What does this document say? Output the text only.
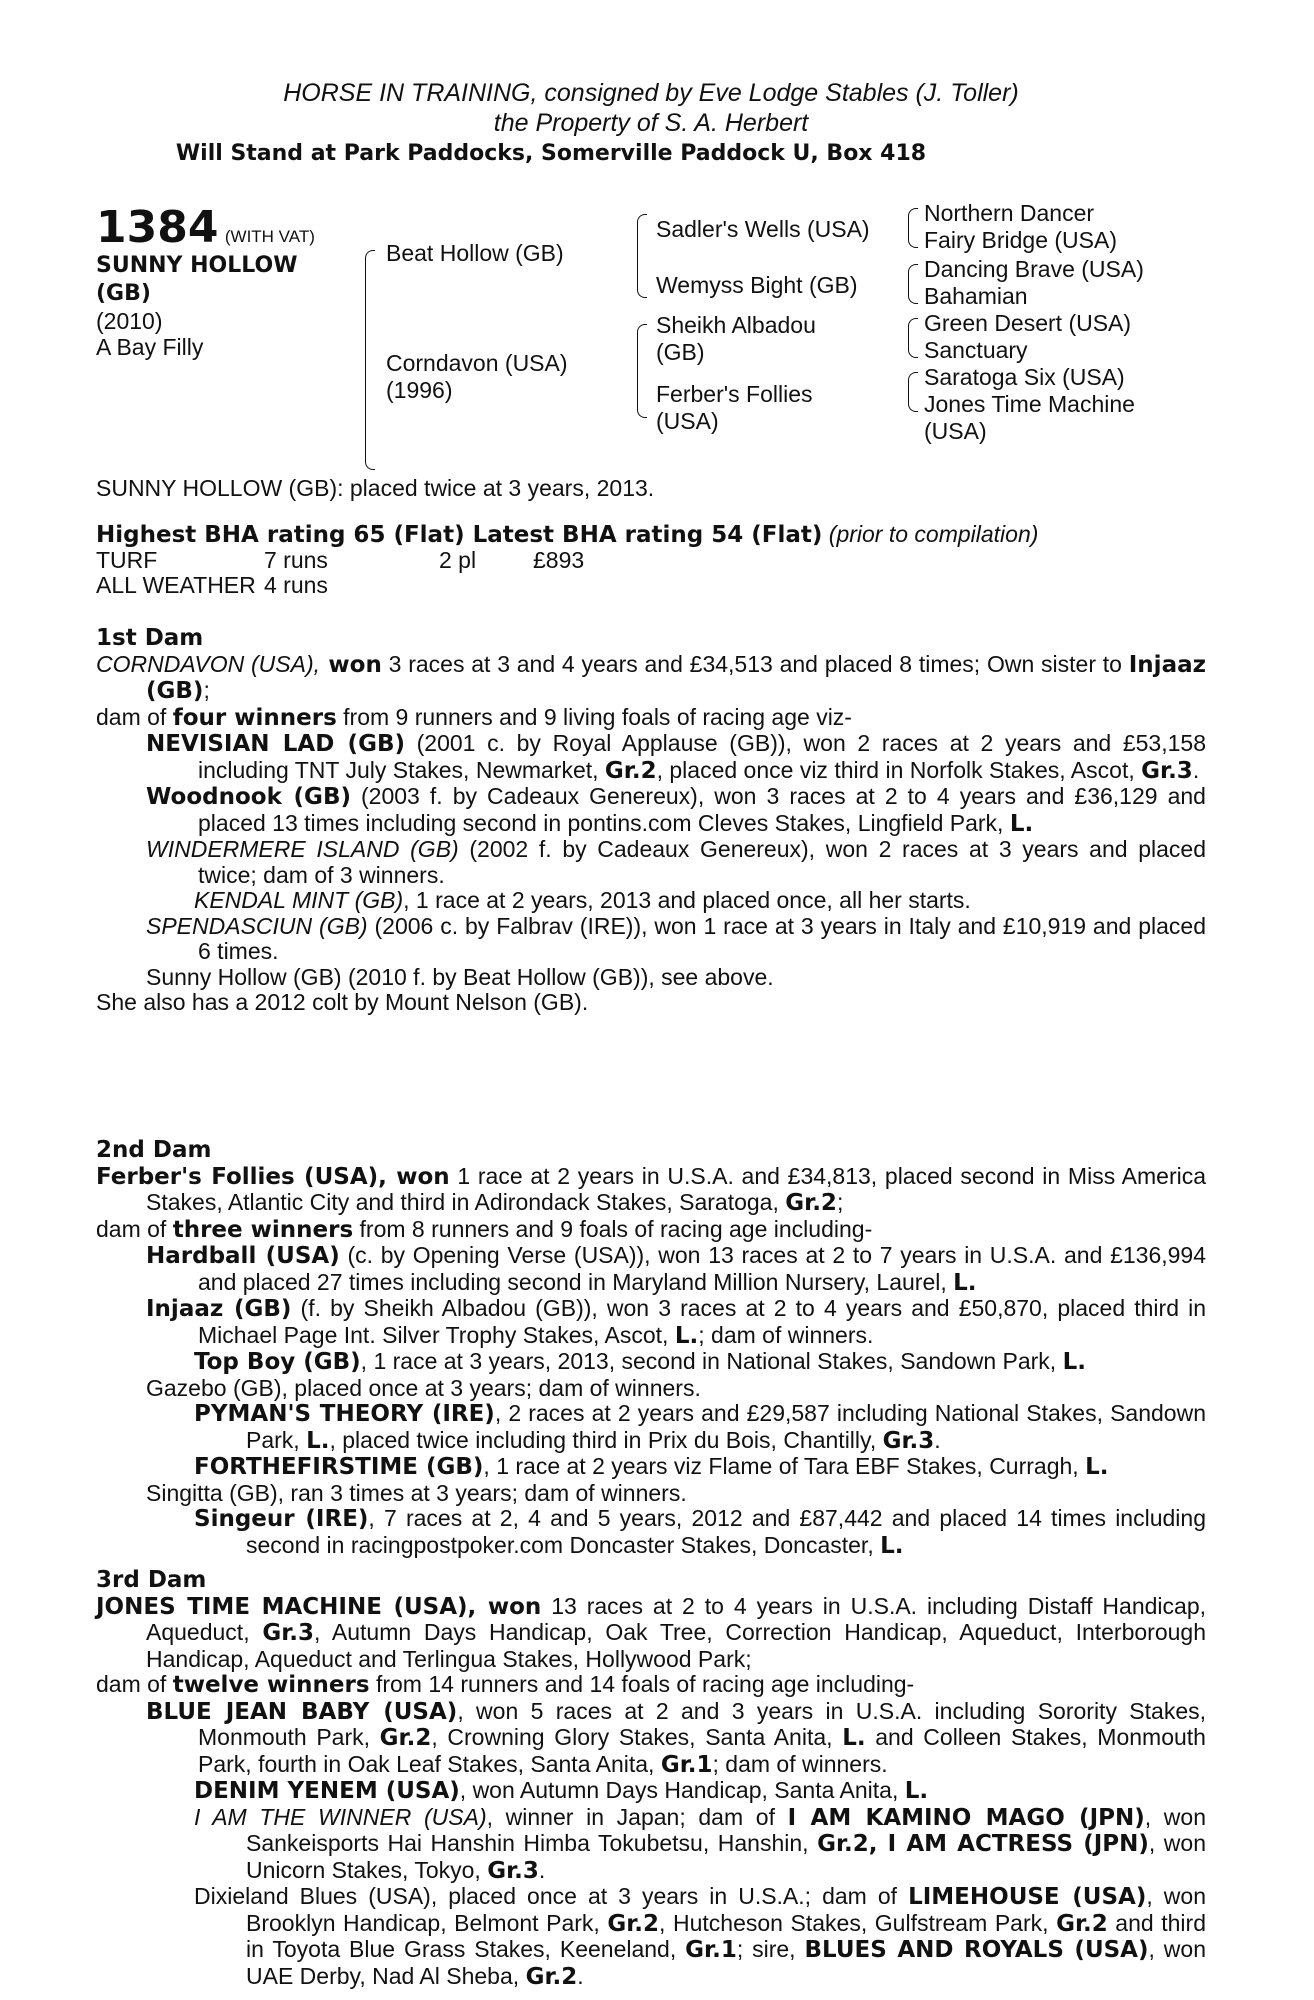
HORSE IN TRAINING, consigned by Eve Lodge Stables (J. Toller)
the Property of S. A. Herbert
Will Stand at Park Paddocks, Somerville Paddock U, Box 418
1384 (WITH VAT)
SUNNY HOLLOW
(GB)
(2010)
A Bay Filly
Beat Hollow (GB)
Corndavon (USA)
(1996)
Sadler's Wells (USA)
Wemyss Bight (GB)
Sheikh Albadou
(GB)
Ferber's Follies
(USA)
Northern Dancer
Fairy Bridge (USA)
Dancing Brave (USA)
Bahamian
Green Desert (USA)
Sanctuary
Saratoga Six (USA)
Jones Time Machine
(USA)
SUNNY HOLLOW (GB): placed twice at 3 years, 2013.
Highest BHA rating 65 (Flat) Latest BHA rating 54 (Flat) (prior to compilation)
TURF	7 runs	2 pl	£893
ALL WEATHER	4 runs		
1st Dam
CORNDAVON (USA), won 3 races at 3 and 4 years and £34,513 and placed 8 times; Own sister to Injaaz (GB);
dam of four winners from 9 runners and 9 living foals of racing age viz-
NEVISIAN LAD (GB) (2001 c. by Royal Applause (GB)), won 2 races at 2 years and £53,158 including TNT July Stakes, Newmarket, Gr.2, placed once viz third in Norfolk Stakes, Ascot, Gr.3.
Woodnook (GB) (2003 f. by Cadeaux Genereux), won 3 races at 2 to 4 years and £36,129 and placed 13 times including second in pontins.com Cleves Stakes, Lingfield Park, L.
WINDERMERE ISLAND (GB) (2002 f. by Cadeaux Genereux), won 2 races at 3 years and placed twice; dam of 3 winners.
KENDAL MINT (GB), 1 race at 2 years, 2013 and placed once, all her starts.
SPENDASCIUN (GB) (2006 c. by Falbrav (IRE)), won 1 race at 3 years in Italy and £10,919 and placed 6 times.
Sunny Hollow (GB) (2010 f. by Beat Hollow (GB)), see above.
She also has a 2012 colt by Mount Nelson (GB).
2nd Dam
Ferber's Follies (USA), won 1 race at 2 years in U.S.A. and £34,813, placed second in Miss America Stakes, Atlantic City and third in Adirondack Stakes, Saratoga, Gr.2;
dam of three winners from 8 runners and 9 foals of racing age including-
Hardball (USA) (c. by Opening Verse (USA)), won 13 races at 2 to 7 years in U.S.A. and £136,994 and placed 27 times including second in Maryland Million Nursery, Laurel, L.
Injaaz (GB) (f. by Sheikh Albadou (GB)), won 3 races at 2 to 4 years and £50,870, placed third in Michael Page Int. Silver Trophy Stakes, Ascot, L.; dam of winners.
Top Boy (GB), 1 race at 3 years, 2013, second in National Stakes, Sandown Park, L.
Gazebo (GB), placed once at 3 years; dam of winners.
PYMAN'S THEORY (IRE), 2 races at 2 years and £29,587 including National Stakes, Sandown Park, L., placed twice including third in Prix du Bois, Chantilly, Gr.3.
FORTHEFIRSTIME (GB), 1 race at 2 years viz Flame of Tara EBF Stakes, Curragh, L.
Singitta (GB), ran 3 times at 3 years; dam of winners.
Singeur (IRE), 7 races at 2, 4 and 5 years, 2012 and £87,442 and placed 14 times including second in racingpostpoker.com Doncaster Stakes, Doncaster, L.
3rd Dam
JONES TIME MACHINE (USA), won 13 races at 2 to 4 years in U.S.A. including Distaff Handicap, Aqueduct, Gr.3, Autumn Days Handicap, Oak Tree, Correction Handicap, Aqueduct, Interborough Handicap, Aqueduct and Terlingua Stakes, Hollywood Park;
dam of twelve winners from 14 runners and 14 foals of racing age including-
BLUE JEAN BABY (USA), won 5 races at 2 and 3 years in U.S.A. including Sorority Stakes, Monmouth Park, Gr.2, Crowning Glory Stakes, Santa Anita, L. and Colleen Stakes, Monmouth Park, fourth in Oak Leaf Stakes, Santa Anita, Gr.1; dam of winners.
DENIM YENEM (USA), won Autumn Days Handicap, Santa Anita, L.
I AM THE WINNER (USA), winner in Japan; dam of I AM KAMINO MAGO (JPN), won Sankeisports Hai Hanshin Himba Tokubetsu, Hanshin, Gr.2, I AM ACTRESS (JPN), won Unicorn Stakes, Tokyo, Gr.3.
Dixieland Blues (USA), placed once at 3 years in U.S.A.; dam of LIMEHOUSE (USA), won Brooklyn Handicap, Belmont Park, Gr.2, Hutcheson Stakes, Gulfstream Park, Gr.2 and third in Toyota Blue Grass Stakes, Keeneland, Gr.1; sire, BLUES AND ROYALS (USA), won UAE Derby, Nad Al Sheba, Gr.2.
